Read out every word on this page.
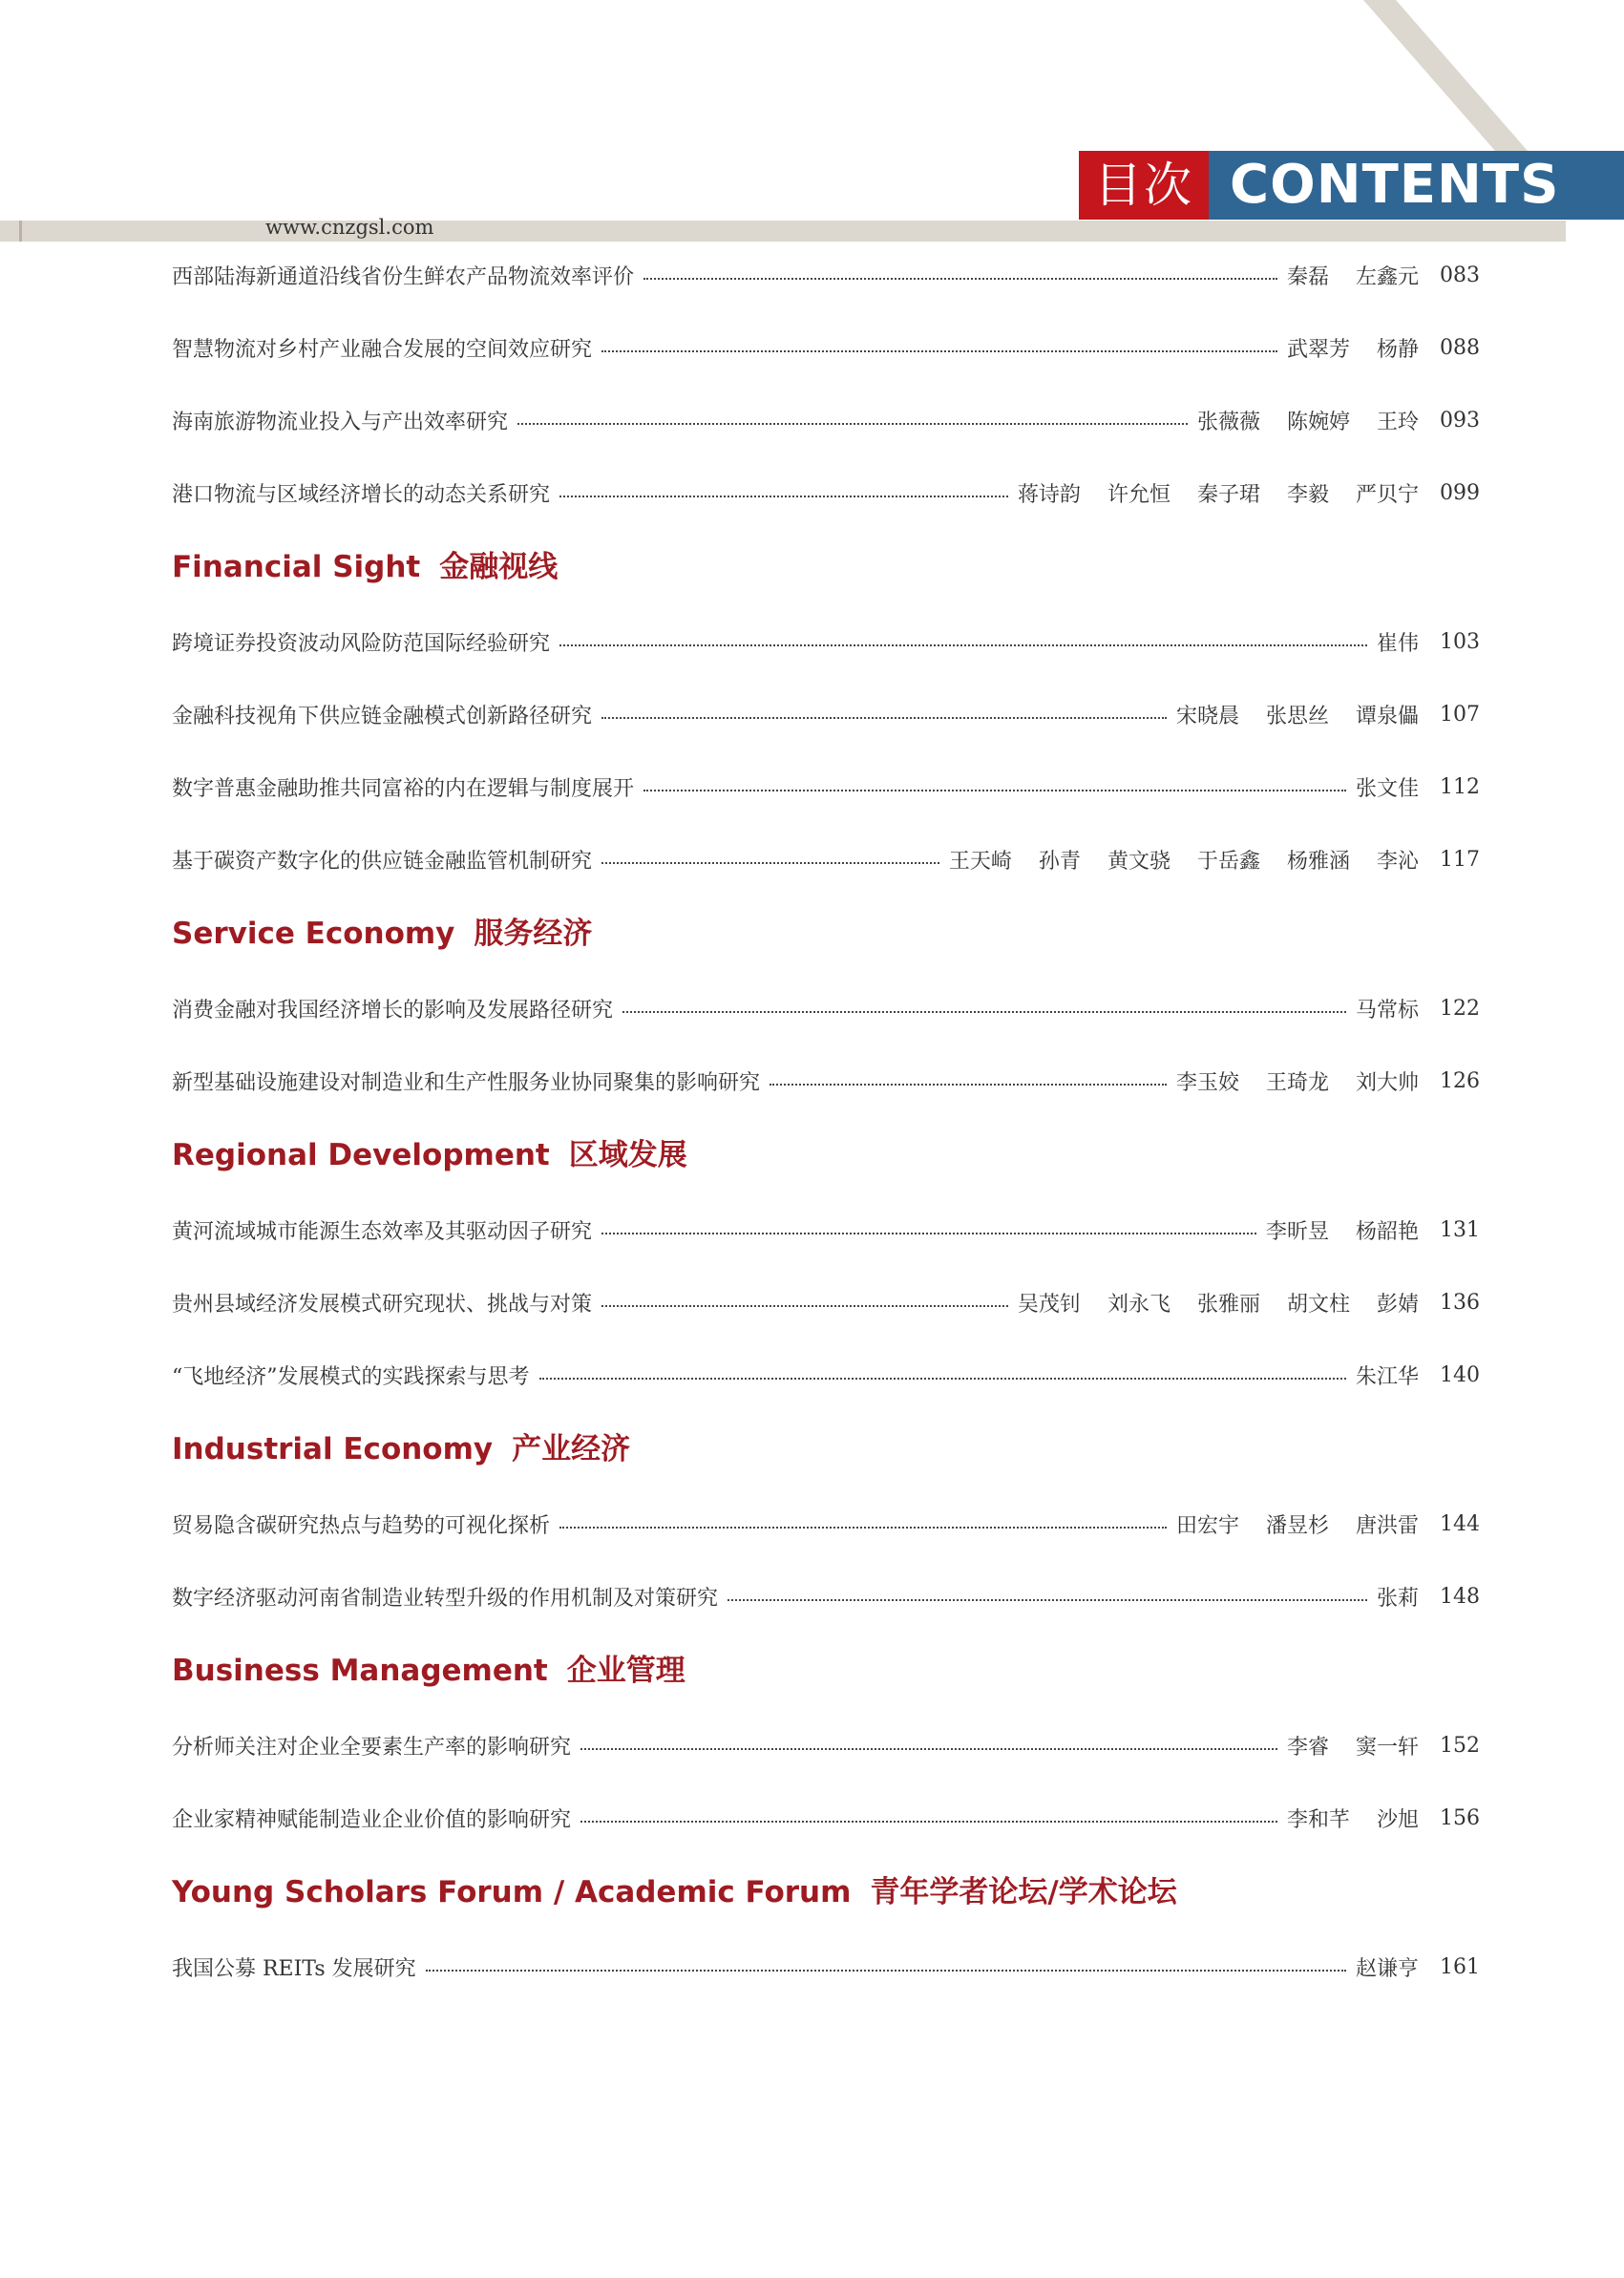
目次 CONTENTS
www.cnzgsl.com
西部陆海新通道沿线省份生鲜农产品物流效率评价	秦磊 左鑫元	083
智慧物流对乡村产业融合发展的空间效应研究	武翠芳 杨静	088
海南旅游物流业投入与产出效率研究	张薇薇 陈婉婷 王玲	093
港口物流与区域经济增长的动态关系研究	蒋诗韵 许允恒 秦子珺 李毅 严贝宁	099
Financial Sight 金融视线
跨境证券投资波动风险防范国际经验研究	崔伟	103
金融科技视角下供应链金融模式创新路径研究	宋晓晨 张思丝 谭泉儡	107
数字普惠金融助推共同富裕的内在逻辑与制度展开	张文佳	112
基于碳资产数字化的供应链金融监管机制研究	王天崎 孙青 黄文骁 于岳鑫 杨雅涵 李沁	117
Service Economy 服务经济
消费金融对我国经济增长的影响及发展路径研究	马常标	122
新型基础设施建设对制造业和生产性服务业协同聚集的影响研究	李玉姣 王琦龙 刘大帅	126
Regional Development 区域发展
黄河流域城市能源生态效率及其驱动因子研究	李昕昱 杨韶艳	131
贵州县域经济发展模式研究现状、挑战与对策	吴茂钊 刘永飞 张雅丽 胡文柱 彭婧	136
“飞地经济”发展模式的实践探索与思考	朱江华	140
Industrial Economy 产业经济
贸易隐含碳研究热点与趋势的可视化探析	田宏宇 潘昱杉 唐洪雷	144
数字经济驱动河南省制造业转型升级的作用机制及对策研究	张莉	148
Business Management 企业管理
分析师关注对企业全要素生产率的影响研究	李睿 窦一轩	152
企业家精神赋能制造业企业价值的影响研究	李和芊 沙旭	156
Young Scholars Forum / Academic Forum 青年学者论坛/学术论坛
我国公募 REITs 发展研究	赵谦亨	161
